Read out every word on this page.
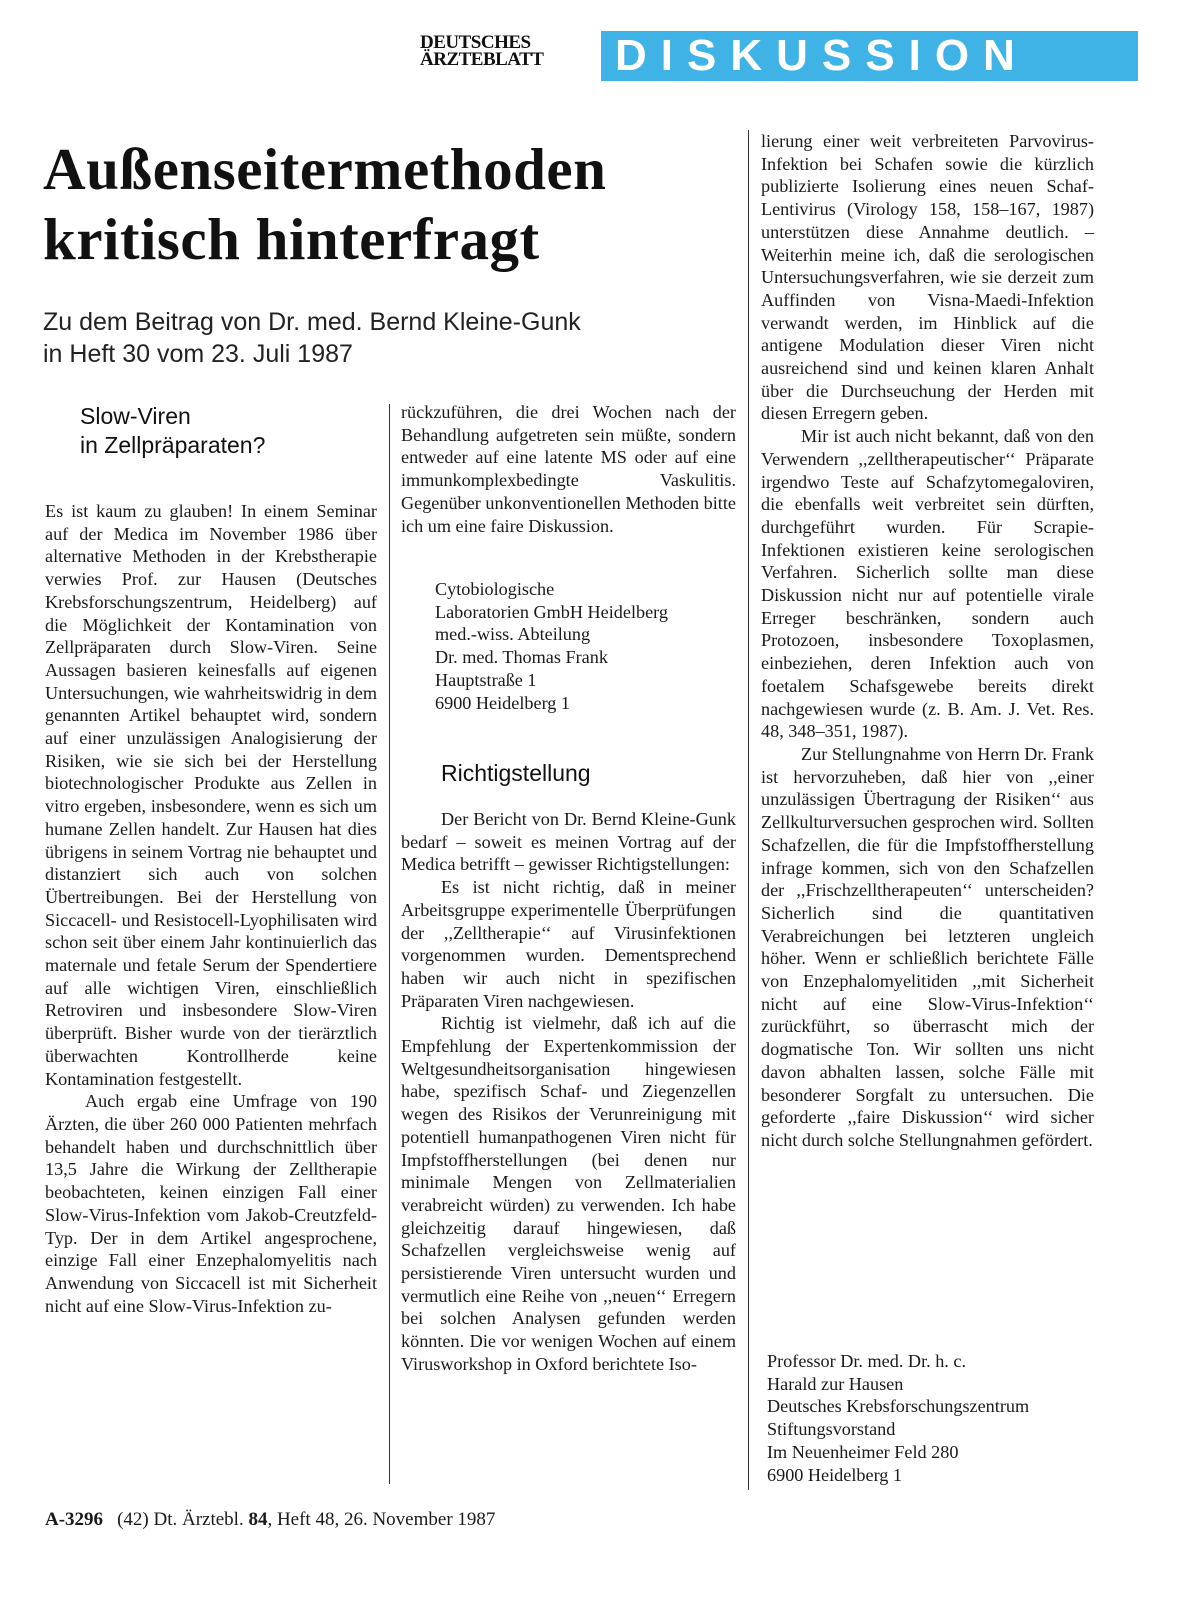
DEUTSCHES
ÄRZTEBLATT	DISKUSSION
Außenseitermethoden
kritisch hinterfragt
Zu dem Beitrag von Dr. med. Bernd Kleine-Gunk
in Heft 30 vom 23. Juli 1987
Slow-Viren
in Zellpräparaten?

Es ist kaum zu glauben! In einem Seminar auf der Medica im November 1986 über alternative Methoden in der Krebstherapie verwies Prof. zur Hausen (Deutsches Krebsforschungszentrum, Heidelberg) auf die Möglichkeit der Kontamination von Zellpräparaten durch Slow-Viren. Seine Aussagen basieren keinesfalls auf eigenen Untersuchungen, wie wahrheitswidrig in dem genannten Artikel behauptet wird, sondern auf einer unzulässigen Analogisierung der Risiken, wie sie sich bei der Herstellung biotechnologischer Produkte aus Zellen in vitro ergeben, insbesondere, wenn es sich um humane Zellen handelt. Zur Hausen hat dies übrigens in seinem Vortrag nie behauptet und distanziert sich auch von solchen Übertreibungen. Bei der Herstellung von Siccacell- und Resistocell-Lyophilisaten wird schon seit über einem Jahr kontinuierlich das maternale und fetale Serum der Spendertiere auf alle wichtigen Viren, einschließlich Retroviren und insbesondere Slow-Viren überprüft. Bisher wurde von der tierärztlich überwachten Kontrollherde keine Kontamination festgestellt.

Auch ergab eine Umfrage von 190 Ärzten, die über 260 000 Patienten mehrfach behandelt haben und durchschnittlich über 13,5 Jahre die Wirkung der Zelltherapie beobachteten, keinen einzigen Fall einer Slow-Virus-Infektion vom Jakob-Creutzfeld-Typ. Der in dem Artikel angesprochene, einzige Fall einer Enzephalomyelitis nach Anwendung von Siccacell ist mit Sicherheit nicht auf eine Slow-Virus-Infektion zu-

rückzuführen, die drei Wochen nach der Behandlung aufgetreten sein müßte, sondern entweder auf eine latente MS oder auf eine immunkomplexbedingte Vaskulitis. Gegenüber unkonventionellen Methoden bitte ich um eine faire Diskussion.

Cytobiologische
Laboratorien GmbH Heidelberg
med.-wiss. Abteilung
Dr. med. Thomas Frank
Hauptstraße 1
6900 Heidelberg 1
Richtigstellung

Der Bericht von Dr. Bernd Kleine-Gunk bedarf – soweit es meinen Vortrag auf der Medica betrifft – gewisser Richtigstellungen:

Es ist nicht richtig, daß in meiner Arbeitsgruppe experimentelle Überprüfungen der ,,Zelltherapie‘‘ auf Virusinfektionen vorgenommen wurden. Dementsprechend haben wir auch nicht in spezifischen Präparaten Viren nachgewiesen.

Richtig ist vielmehr, daß ich auf die Empfehlung der Expertenkommission der Weltgesundheitsorganisation hingewiesen habe, spezifisch Schaf- und Ziegenzellen wegen des Risikos der Verunreinigung mit potentiell humanpathogenen Viren nicht für Impfstoffherstellungen (bei denen nur minimale Mengen von Zellmaterialien verabreicht würden) zu verwenden. Ich habe gleichzeitig darauf hingewiesen, daß Schafzellen vergleichsweise wenig auf persistierende Viren untersucht wurden und vermutlich eine Reihe von ,,neuen‘‘ Erregern bei solchen Analysen gefunden werden könnten. Die vor wenigen Wochen auf einem Virusworkshop in Oxford berichtete Iso-

lierung einer weit verbreiteten Parvovirus-Infektion bei Schafen sowie die kürzlich publizierte Isolierung eines neuen Schaf-Lentivirus (Virology 158, 158–167, 1987) unterstützen diese Annahme deutlich. – Weiterhin meine ich, daß die serologischen Untersuchungsverfahren, wie sie derzeit zum Auffinden von Visna-Maedi-Infektion verwandt werden, im Hinblick auf die antigene Modulation dieser Viren nicht ausreichend sind und keinen klaren Anhalt über die Durchseuchung der Herden mit diesen Erregern geben.

Mir ist auch nicht bekannt, daß von den Verwendern ,,zelltherapeutischer‘‘ Präparate irgendwo Teste auf Schafzytomegaloviren, die ebenfalls weit verbreitet sein dürften, durchgeführt wurden. Für Scrapie-Infektionen existieren keine serologischen Verfahren. Sicherlich sollte man diese Diskussion nicht nur auf potentielle virale Erreger beschränken, sondern auch Protozoen, insbesondere Toxoplasmen, einbeziehen, deren Infektion auch von foetalem Schafsgewebe bereits direkt nachgewiesen wurde (z. B. Am. J. Vet. Res. 48, 348–351, 1987).

Zur Stellungnahme von Herrn Dr. Frank ist hervorzuheben, daß hier von ,,einer unzulässigen Übertragung der Risiken‘‘ aus Zellkulturversuchen gesprochen wird. Sollten Schafzellen, die für die Impfstoffherstellung infrage kommen, sich von den Schafzellen der ,,Frischzelltherapeuten‘‘ unterscheiden? Sicherlich sind die quantitativen Verabreichungen bei letzteren ungleich höher. Wenn er schließlich berichtete Fälle von Enzephalomyelitiden ,,mit Sicherheit nicht auf eine Slow-Virus-Infektion‘‘ zurückführt, so überrascht mich der dogmatische Ton. Wir sollten uns nicht davon abhalten lassen, solche Fälle mit besonderer Sorgfalt zu untersuchen. Die geforderte ,,faire Diskussion‘‘ wird sicher nicht durch solche Stellungnahmen gefördert.

Professor Dr. med. Dr. h. c.
Harald zur Hausen
Deutsches Krebsforschungszentrum
Stiftungsvorstand
Im Neuenheimer Feld 280
6900 Heidelberg 1
A-3296 (42) Dt. Ärztebl. 84, Heft 48, 26. November 1987
